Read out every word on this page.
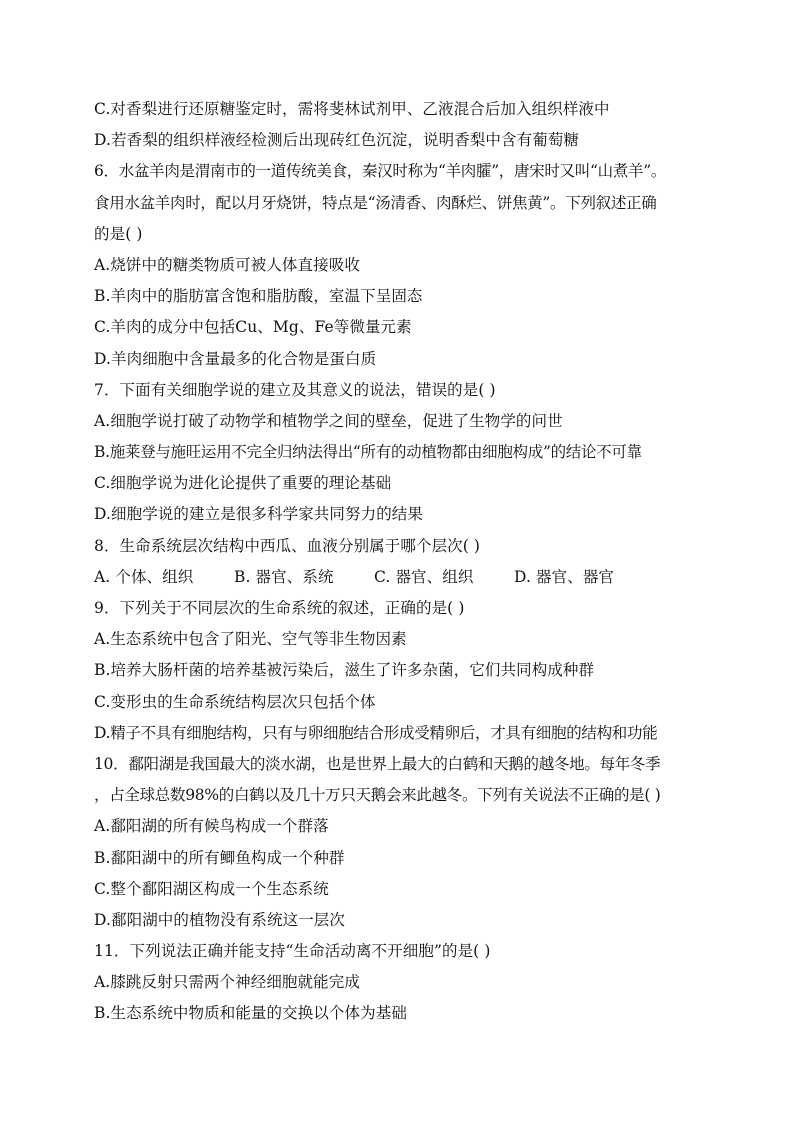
C.对香梨进行还原糖鉴定时，需将斐林试剂甲、乙液混合后加入组织样液中
D.若香梨的组织样液经检测后出现砖红色沉淀，说明香梨中含有葡萄糖
6．水盆羊肉是渭南市的一道传统美食，秦汉时称为“羊肉臛”，唐宋时又叫“山煮羊”。
食用水盆羊肉时，配以月牙烧饼，特点是“汤清香、肉酥烂、饼焦黄”。下列叙述正确
的是( )
A.烧饼中的糖类物质可被人体直接吸收
B.羊肉中的脂肪富含饱和脂肪酸，室温下呈固态
C.羊肉的成分中包括Cu、Mg、Fe等微量元素
D.羊肉细胞中含量最多的化合物是蛋白质
7．下面有关细胞学说的建立及其意义的说法，错误的是( )
A.细胞学说打破了动物学和植物学之间的壁垒，促进了生物学的问世
B.施莱登与施旺运用不完全归纳法得出“所有的动植物都由细胞构成”的结论不可靠
C.细胞学说为进化论提供了重要的理论基础
D.细胞学说的建立是很多科学家共同努力的结果
8．生命系统层次结构中西瓜、血液分别属于哪个层次( )
A. 个体、组织	B. 器官、系统	C. 器官、组织	D. 器官、器官
9．下列关于不同层次的生命系统的叙述，正确的是( )
A.生态系统中包含了阳光、空气等非生物因素
B.培养大肠杆菌的培养基被污染后，滋生了许多杂菌，它们共同构成种群
C.变形虫的生命系统结构层次只包括个体
D.精子不具有细胞结构，只有与卵细胞结合形成受精卵后，才具有细胞的结构和功能
10．鄱阳湖是我国最大的淡水湖，也是世界上最大的白鹤和天鹅的越冬地。每年冬季
，占全球总数98%的白鹤以及几十万只天鹅会来此越冬。下列有关说法不正确的是( )
A.鄱阳湖的所有候鸟构成一个群落
B.鄱阳湖中的所有鲫鱼构成一个种群
C.整个鄱阳湖区构成一个生态系统
D.鄱阳湖中的植物没有系统这一层次
11．下列说法正确并能支持“生命活动离不开细胞”的是( )
A.膝跳反射只需两个神经细胞就能完成
B.生态系统中物质和能量的交换以个体为基础
